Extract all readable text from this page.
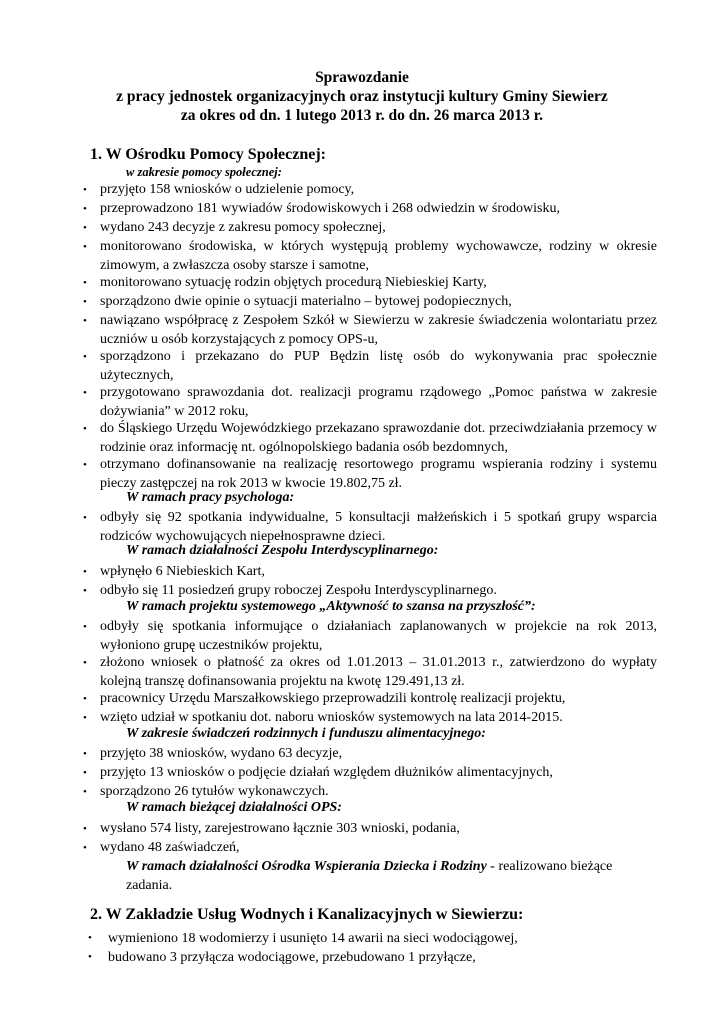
Sprawozdanie
z pracy jednostek organizacyjnych oraz instytucji kultury Gminy Siewierz
za okres od dn. 1 lutego 2013 r. do dn. 26 marca 2013 r.
1. W Ośrodku Pomocy Społecznej:
w zakresie pomocy społecznej:
• przyjęto 158 wniosków o udzielenie pomocy,
• przeprowadzono 181 wywiadów środowiskowych i 268 odwiedzin w środowisku,
• wydano 243 decyzje z zakresu pomocy społecznej,
• monitorowano środowiska, w których występują problemy wychowawcze, rodziny w okresie zimowym, a zwłaszcza osoby starsze i samotne,
• monitorowano sytuację rodzin objętych procedurą Niebieskiej Karty,
• sporządzono dwie opinie o sytuacji materialno – bytowej podopiecznych,
• nawiązano współpracę z Zespołem Szkół w Siewierzu w zakresie świadczenia wolontariatu przez uczniów u osób korzystających z pomocy OPS-u,
• sporządzono i przekazano do PUP Będzin listę osób do wykonywania prac społecznie użytecznych,
• przygotowano sprawozdania dot. realizacji programu rządowego „Pomoc państwa w zakresie dożywiania” w 2012 roku,
• do Śląskiego Urzędu Wojewódzkiego przekazano sprawozdanie dot. przeciwdziałania przemocy w rodzinie oraz informację nt. ogólnopolskiego badania osób bezdomnych,
• otrzymano dofinansowanie na realizację resortowego programu wspierania rodziny i systemu pieczy zastępczej na rok 2013 w kwocie 19.802,75 zł.
W ramach pracy psychologa:
• odbyły się 92 spotkania indywidualne, 5 konsultacji małżeńskich i 5 spotkań grupy wsparcia rodziców wychowujących niepełnosprawne dzieci.
W ramach działalności Zespołu Interdyscyplinarnego:
• wpłynęło 6 Niebieskich Kart,
• odbyło się 11 posiedzeń grupy roboczej Zespołu Interdyscyplinarnego.
W ramach projektu systemowego „Aktywność to szansa na przyszłość”:
• odbyły się spotkania informujące o działaniach zaplanowanych w projekcie na rok 2013, wyłoniono grupę uczestników projektu,
• złożono wniosek o płatność za okres od 1.01.2013 – 31.01.2013 r., zatwierdzono do wypłaty kolejną transzę dofinansowania projektu na kwotę 129.491,13 zł.
• pracownicy Urzędu Marszałkowskiego przeprowadzili kontrolę realizacji projektu,
• wzięto udział w spotkaniu dot. naboru wniosków systemowych na lata 2014-2015.
W zakresie świadczeń rodzinnych i funduszu alimentacyjnego:
• przyjęto 38 wniosków, wydano 63 decyzje,
• przyjęto 13 wniosków o podjęcie działań względem dłużników alimentacyjnych,
• sporządzono 26 tytułów wykonawczych.
W ramach bieżącej działalności OPS:
• wysłano 574 listy, zarejestrowano łącznie 303 wnioski, podania,
• wydano 48 zaświadczeń,
W ramach działalności Ośrodka Wspierania Dziecka i Rodziny - realizowano bieżące zadania.
2. W Zakładzie Usług Wodnych i Kanalizacyjnych w Siewierzu:
• wymieniono 18 wodomierzy i usunięto 14 awarii na sieci wodociągowej,
• budowano 3 przyłącza wodociągowe, przebudowano 1 przyłącze,
